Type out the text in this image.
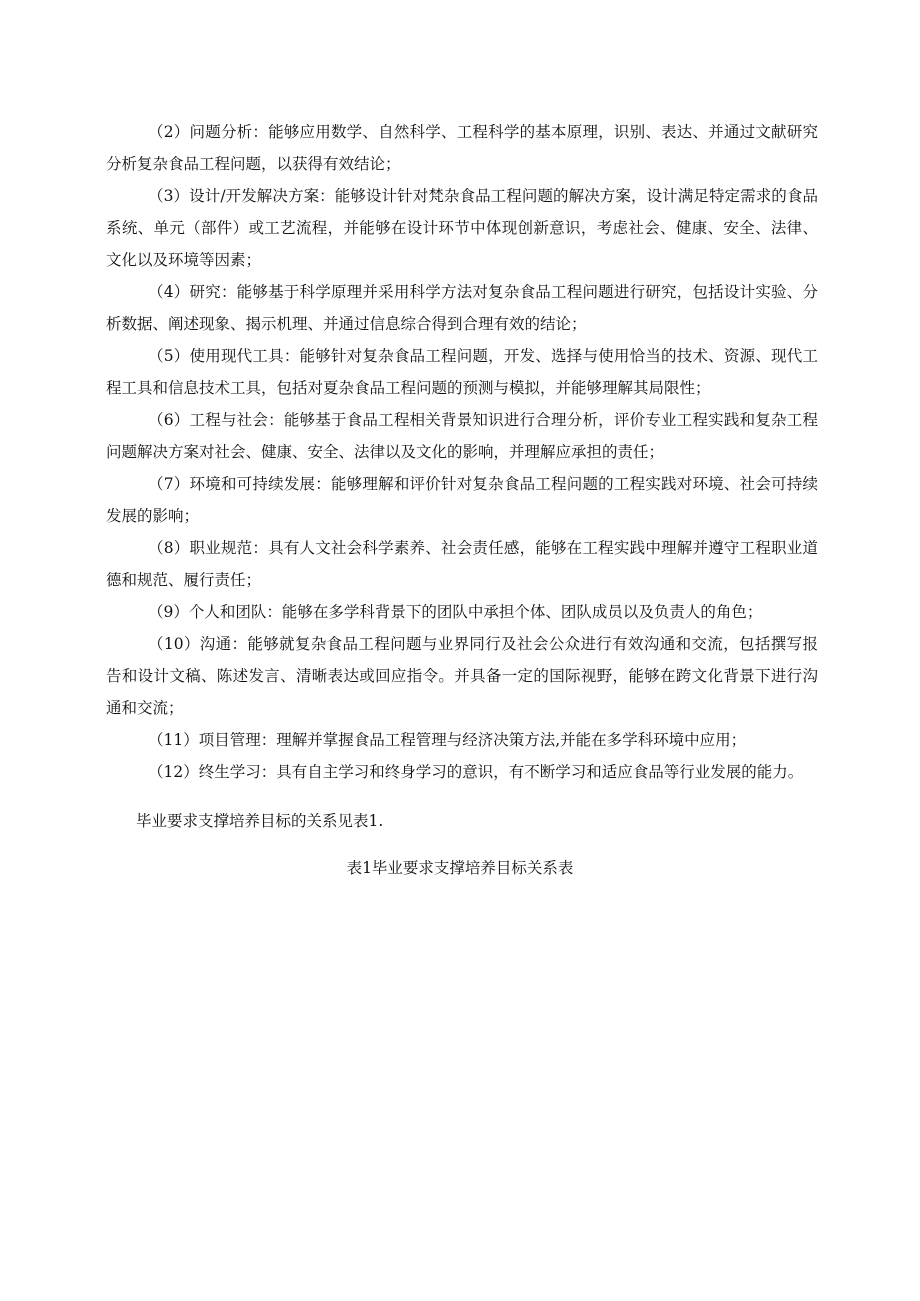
（2）问题分析：能够应用数学、自然科学、工程科学的基本原理，识别、表达、并通过文献研究分析复杂食品工程问题，以获得有效结论；

（3）设计/开发解决方案：能够设计针对梵杂食品工程问题的解决方案，设计满足特定需求的食品系统、单元（部件）或工艺流程，并能够在设计环节中体现创新意识，考虑社会、健康、安全、法律、文化以及环境等因素；

（4）研究：能够基于科学原理并采用科学方法对复杂食品工程问题进行研究，包括设计实验、分析数据、阐述现象、揭示机理、并通过信息综合得到合理有效的结论；

（5）使用现代工具：能够针对复杂食品工程问题，开发、选择与使用恰当的技术、资源、现代工程工具和信息技术工具，包括对夏杂食品工程问题的预测与模拟，并能够理解其局限性；

（6）工程与社会：能够基于食品工程相关背景知识进行合理分析，评价专业工程实践和复杂工程问题解决方案对社会、健康、安全、法律以及文化的影响，并理解应承担的责任；

（7）环境和可持续发展：能够理解和评价针对复杂食品工程问题的工程实践对环境、社会可持续发展的影响；

（8）职业规范：具有人文社会科学素养、社会责任感，能够在工程实践中理解并遵守工程职业道德和规范、履行责任；

（9）个人和团队：能够在多学科背景下的团队中承担个体、团队成员以及负责人的角色；

（10）沟通：能够就复杂食品工程问题与业界同行及社会公众进行有效沟通和交流，包括撰写报告和设计文稿、陈述发言、清晰表达或回应指令。并具备一定的国际视野，能够在跨文化背景下进行沟通和交流；

（11）项目管理：理解并掌握食品工程管理与经济决策方法,并能在多学科环境中应用；

（12）终生学习：具有自主学习和终身学习的意识，有不断学习和适应食品等行业发展的能力。

毕业要求支撑培养目标的关系见表1.

表1毕业要求支撑培养目标关系表
